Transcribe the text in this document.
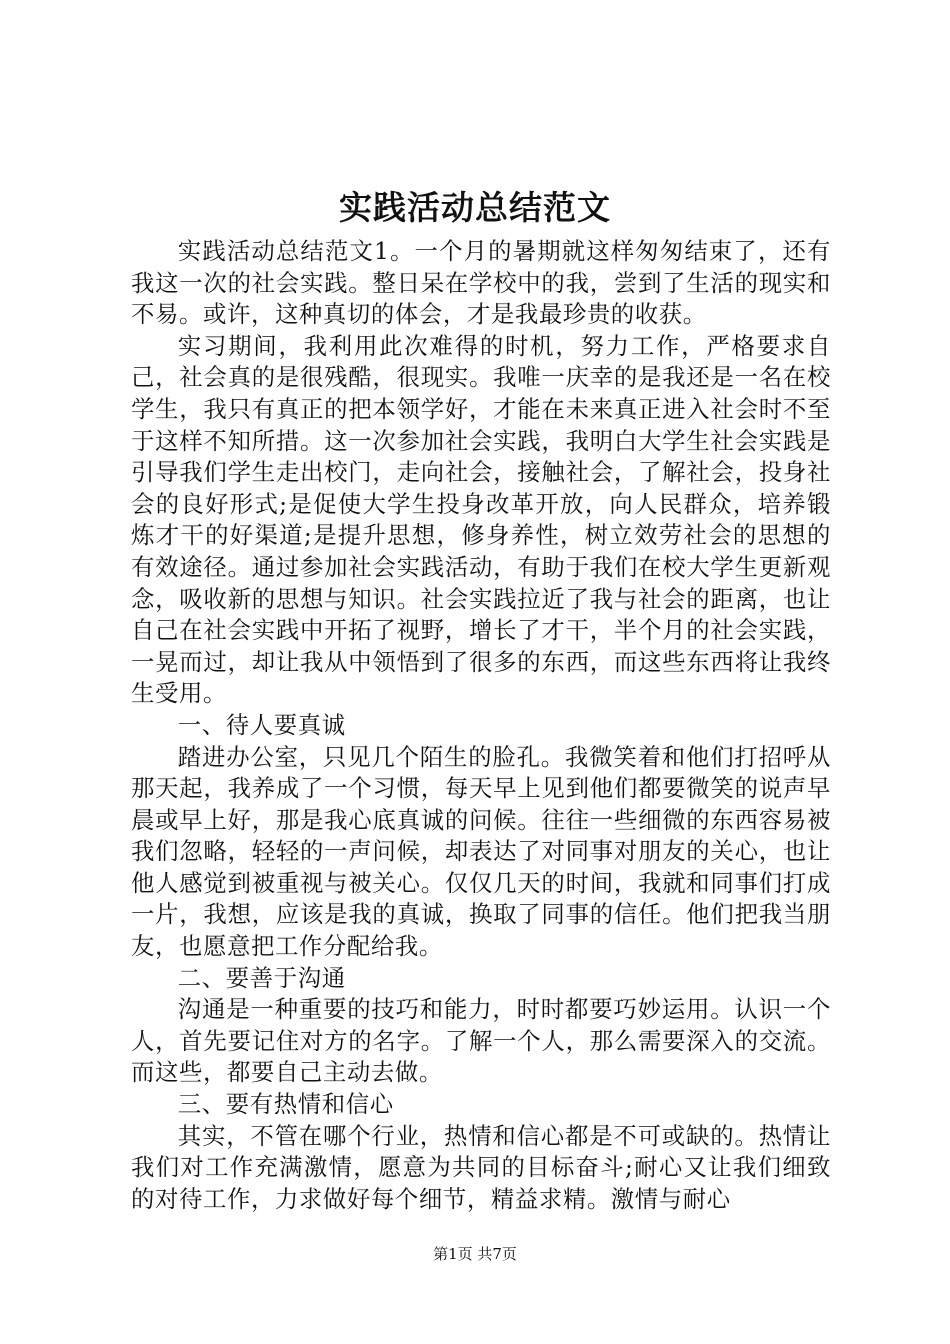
实践活动总结范文

实践活动总结范文1。一个月的暑期就这样匆匆结束了，还有我这一次的社会实践。整日呆在学校中的我，尝到了生活的现实和不易。或许，这种真切的体会，才是我最珍贵的收获。

实习期间，我利用此次难得的时机，努力工作，严格要求自己，社会真的是很残酷，很现实。我唯一庆幸的是我还是一名在校学生，我只有真正的把本领学好，才能在未来真正进入社会时不至于这样不知所措。这一次参加社会实践，我明白大学生社会实践是引导我们学生走出校门，走向社会，接触社会，了解社会，投身社会的良好形式;是促使大学生投身改革开放，向人民群众，培养锻炼才干的好渠道;是提升思想，修身养性，树立效劳社会的思想的有效途径。通过参加社会实践活动，有助于我们在校大学生更新观念，吸收新的思想与知识。社会实践拉近了我与社会的距离，也让自己在社会实践中开拓了视野，增长了才干，半个月的社会实践，一晃而过，却让我从中领悟到了很多的东西，而这些东西将让我终生受用。

一、待人要真诚

踏进办公室，只见几个陌生的脸孔。我微笑着和他们打招呼从那天起，我养成了一个习惯，每天早上见到他们都要微笑的说声早晨或早上好，那是我心底真诚的问候。往往一些细微的东西容易被我们忽略，轻轻的一声问候，却表达了对同事对朋友的关心，也让他人感觉到被重视与被关心。仅仅几天的时间，我就和同事们打成一片，我想，应该是我的真诚，换取了同事的信任。他们把我当朋友，也愿意把工作分配给我。

二、要善于沟通

沟通是一种重要的技巧和能力，时时都要巧妙运用。认识一个人，首先要记住对方的名字。了解一个人，那么需要深入的交流。而这些，都要自己主动去做。

三、要有热情和信心

其实，不管在哪个行业，热情和信心都是不可或缺的。热情让我们对工作充满激情，愿意为共同的目标奋斗;耐心又让我们细致的对待工作，力求做好每个细节，精益求精。激情与耐心

第1页 共7页
